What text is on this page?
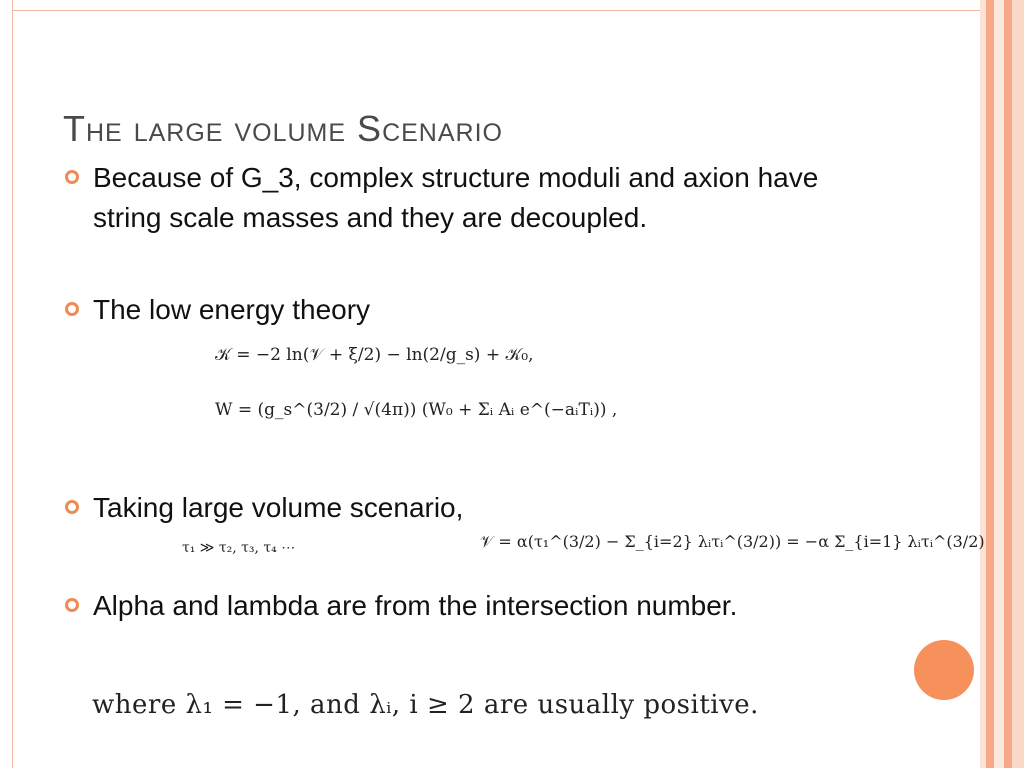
The large volume Scenario
Because of G_3, complex structure moduli and axion have string scale masses and they are decoupled.
The low energy theory
𝒦 = −2 ln(𝒱 + ξ/2) − ln(2/g_s) + 𝒦₀,
W = (g_s^(3/2) / √(4π)) (W₀ + Σᵢ Aᵢ e^(−aᵢTᵢ)) ,
Taking large volume scenario,
τ₁ ≫ τ₂, τ₃, τ₄ ⋯	𝒱 = α(τ₁^(3/2) − Σ_{i=2} λᵢτᵢ^(3/2)) = −α Σ_{i=1} λᵢτᵢ^(3/2)
Alpha and lambda are from the intersection number.
where λ₁ = −1, and λᵢ, i ≥ 2 are usually positive.
